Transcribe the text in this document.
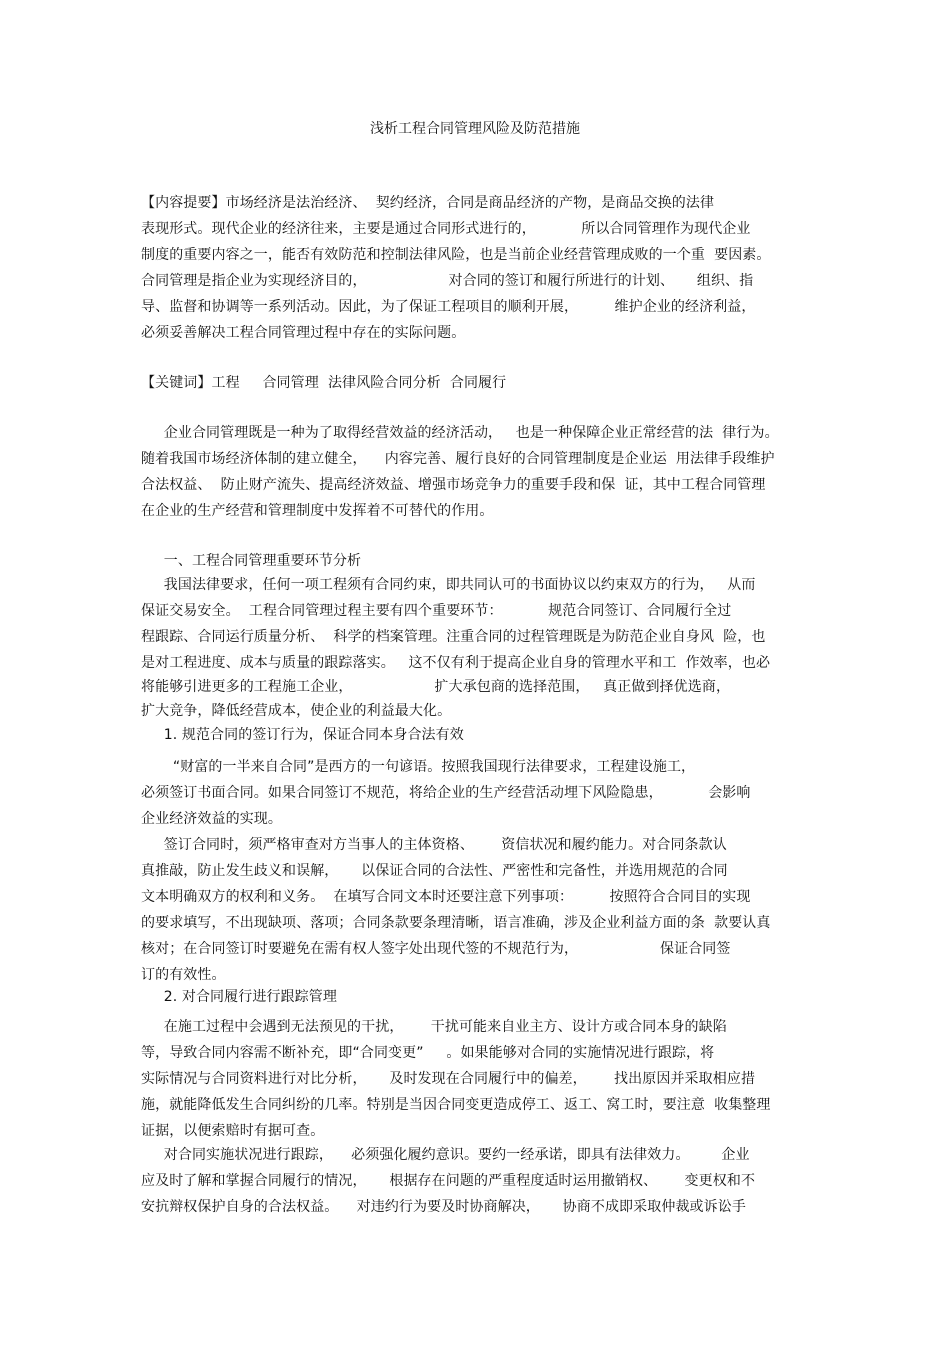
浅析工程合同管理风险及防范措施
【内容提要】市场经济是法治经济、  契约经济，合同是商品经济的产物，是商品交换的法律
表现形式。现代企业的经济往来，主要是通过合同形式进行的，          所以合同管理作为现代企业
制度的重要内容之一，能否有效防范和控制法律风险，也是当前企业经营管理成败的一个重  要因素。
合同管理是指企业为实现经济目的，                  对合同的签订和履行所进行的计划、     组织、指
导、监督和协调等一系列活动。因此，为了保证工程项目的顺利开展，        维护企业的经济利益，
必须妥善解决工程合同管理过程中存在的实际问题。
【关键词】工程     合同管理  法律风险合同分析  合同履行
企业合同管理既是一种为了取得经营效益的经济活动，   也是一种保障企业正常经营的法  律行为。
随着我国市场经济体制的建立健全，    内容完善、履行良好的合同管理制度是企业运  用法律手段维护
合法权益、  防止财产流失、提高经济效益、增强市场竞争力的重要手段和保  证，其中工程合同管理
在企业的生产经营和管理制度中发挥着不可替代的作用。
一、工程合同管理重要环节分析
我国法律要求，任何一项工程须有合同约束，即共同认可的书面协议以约束双方的行为，   从而
保证交易安全。  工程合同管理过程主要有四个重要环节：          规范合同签订、合同履行全过
程跟踪、合同运行质量分析、  科学的档案管理。注重合同的过程管理既是为防范企业自身风  险，也
是对工程进度、成本与质量的跟踪落实。   这不仅有利于提高企业自身的管理水平和工  作效率，也必
将能够引进更多的工程施工企业，                  扩大承包商的选择范围，   真正做到择优选商，
扩大竞争，降低经营成本，使企业的利益最大化。
1. 规范合同的签订行为，保证合同本身合法有效
“财富的一半来自合同”是西方的一句谚语。按照我国现行法律要求，工程建设施工，
必须签订书面合同。如果合同签订不规范，将给企业的生产经营活动埋下风险隐患，          会影响
企业经济效益的实现。
签订合同时，须严格审查对方当事人的主体资格、      资信状况和履约能力。对合同条款认
真推敲，防止发生歧义和误解，     以保证合同的合法性、严密性和完备性，并选用规范的合同
文本明确双方的权利和义务。  在填写合同文本时还要注意下列事项：        按照符合合同目的实现
的要求填写，不出现缺项、落项；合同条款要条理清晰，语言准确，涉及企业利益方面的条  款要认真
核对；在合同签订时要避免在需有权人签字处出现代签的不规范行为，                  保证合同签
订的有效性。
2. 对合同履行进行跟踪管理
在施工过程中会遇到无法预见的干扰，      干扰可能来自业主方、设计方或合同本身的缺陷
等，导致合同内容需不断补充，即“合同变更”     。如果能够对合同的实施情况进行跟踪，将
实际情况与合同资料进行对比分析，     及时发现在合同履行中的偏差，      找出原因并采取相应措
施，就能降低发生合同纠纷的几率。特别是当因合同变更造成停工、返工、窝工时，要注意  收集整理
证据，以便索赔时有据可查。
对合同实施状况进行跟踪，    必须强化履约意识。要约一经承诺，即具有法律效力。       企业
应及时了解和掌握合同履行的情况，     根据存在问题的严重程度适时运用撤销权、      变更权和不
安抗辩权保护自身的合法权益。    对违约行为要及时协商解决，     协商不成即采取仲裁或诉讼手
